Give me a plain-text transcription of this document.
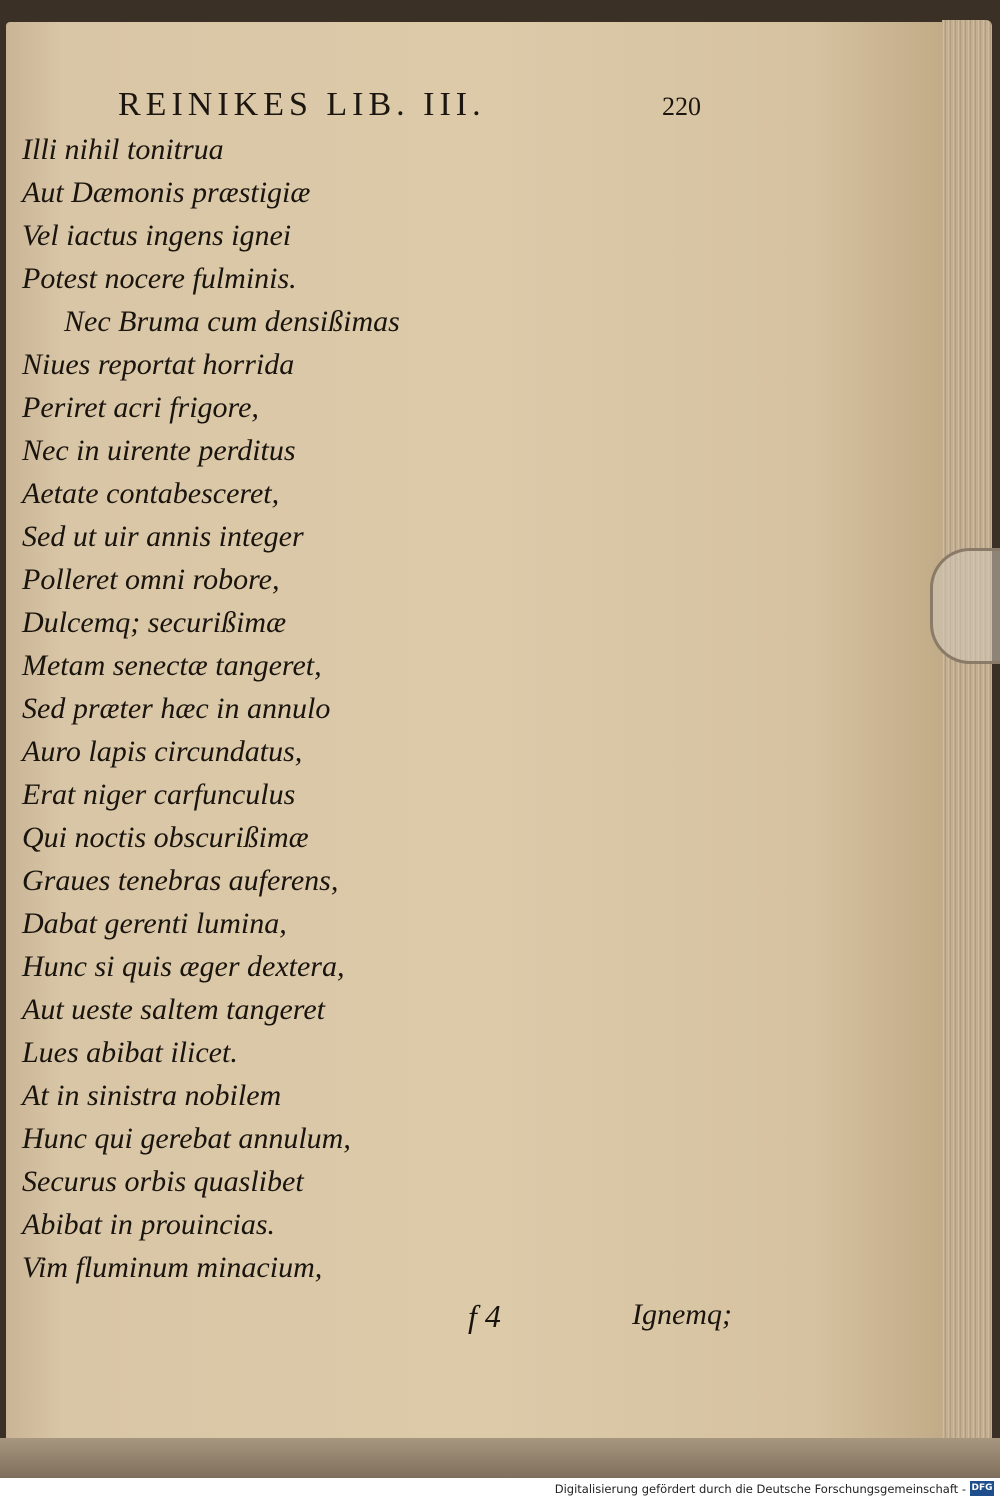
REINIKES LIB. III.	220
Illi nihil tonitrua
Aut Dæmonis præstigiæ
Vel iactus ingens ignei
Potest nocere fulminis.
Nec Bruma cum densißimas
Niues reportat horrida
Periret acri frigore,
Nec in uirente perditus
Aetate contabesceret,
Sed ut uir annis integer
Polleret omni robore,
Dulcemq; securißimæ
Metam senectæ tangeret,
Sed præter hæc in annulo
Auro lapis circundatus,
Erat niger carfunculus
Qui noctis obscurißimæ
Graues tenebras auferens,
Dabat gerenti lumina,
Hunc si quis æger dextera,
Aut ueste saltem tangeret
Lues abibat ilicet.
At in sinistra nobilem
Hunc qui gerebat annulum,
Securus orbis quaslibet
Abibat in prouincias.
Vim fluminum minacium,
f 4	Ignemq;
Digitalisierung gefördert durch die Deutsche Forschungsgemeinschaft - DFG
